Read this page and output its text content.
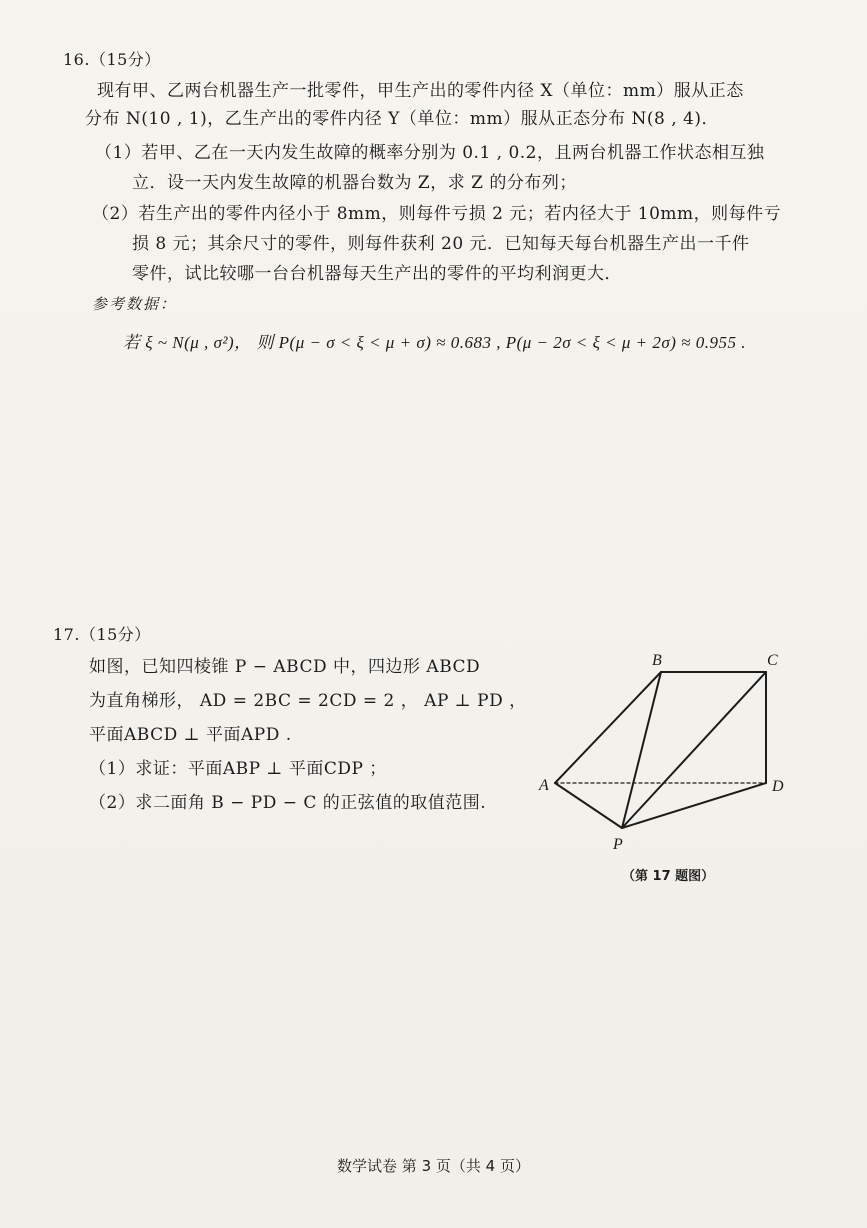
16.（15分）
现有甲、乙两台机器生产一批零件，甲生产出的零件内径 X（单位：mm）服从正态
分布 N(10 , 1)，乙生产出的零件内径 Y（单位：mm）服从正态分布 N(8 , 4)．
（1）若甲、乙在一天内发生故障的概率分别为 0.1 , 0.2，且两台机器工作状态相互独
立．设一天内发生故障的机器台数为 Z，求 Z 的分布列；
（2）若生产出的零件内径小于 8mm，则每件亏损 2 元；若内径大于 10mm，则每件亏
损 8 元；其余尺寸的零件，则每件获利 20 元．已知每天每台机器生产出一千件
零件，试比较哪一台台机器每天生产出的零件的平均利润更大．
参考数据：
若 ξ ~ N(μ , σ²)， 则 P(μ − σ < ξ < μ + σ) ≈ 0.683 , P(μ − 2σ < ξ < μ + 2σ) ≈ 0.955 .
17.（15分）
如图，已知四棱锥 P − ABCD 中，四边形 ABCD
为直角梯形， AD = 2BC = 2CD = 2 ， AP ⊥ PD ，
平面ABCD ⊥ 平面APD .
（1）求证：平面ABP ⊥ 平面CDP ；
（2）求二面角 B − PD − C 的正弦值的取值范围.
B	C
A	D
P
（第 17 题图）
数学试卷 第 3 页（共 4 页）
